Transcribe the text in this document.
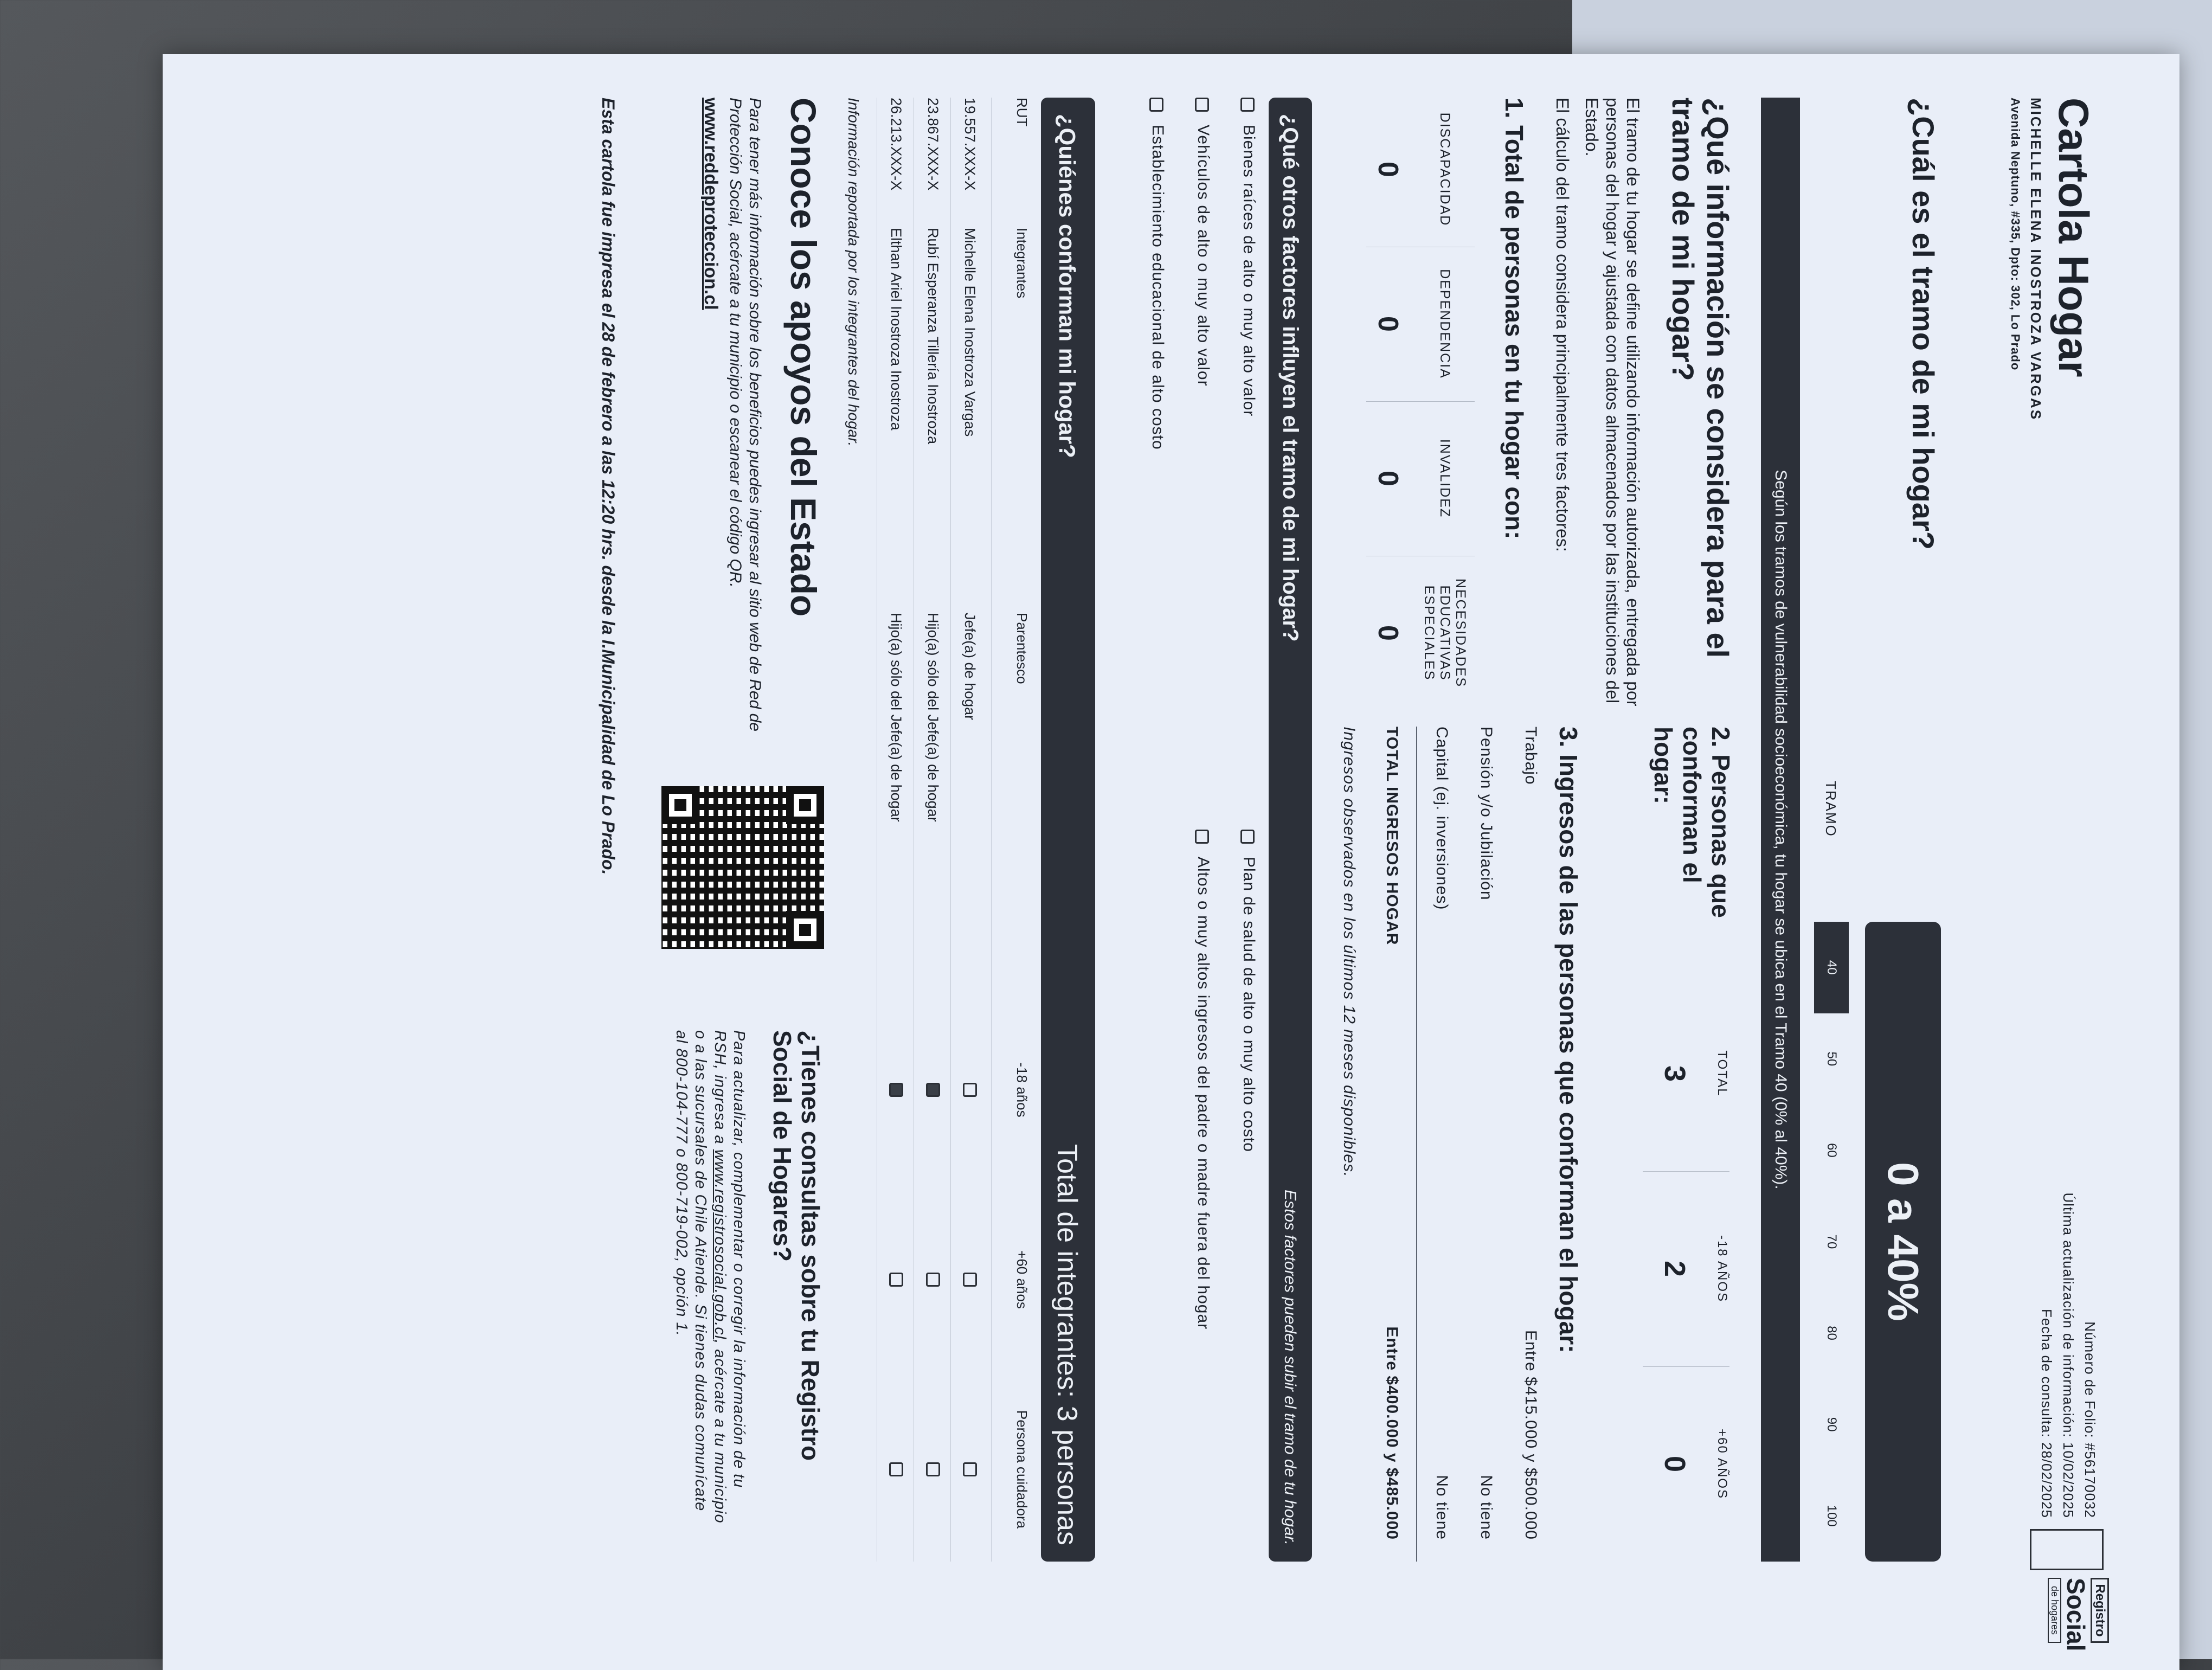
Cartola Hogar
MICHELLE ELENA INOSTROZA VARGAS
Avenida Neptuno, #335, Dpto: 302, Lo Prado
Número de Folio: #56170032
Última actualización de información: 10/02/2025
Fecha de consulta: 28/02/2025
Registro
Social
de hogares
¿Cuál es el tramo de mi hogar?
0 a 40%
TRAMO
40
50
60
70
80
90
100
Según los tramos de vulnerabilidad socioeconómica, tu hogar se ubica en el Tramo 40 (0% al 40%).
¿Qué información se considera para el tramo de mi hogar?
El tramo de tu hogar se define utilizando información autorizada, entregada por personas del hogar y ajustada con datos almacenados por las instituciones del Estado.
El cálculo del tramo considera principalmente tres factores:
1. Total de personas en tu hogar con:
DISCAPACIDAD
0
DEPENDENCIA
0
INVALIDEZ
0
NECESIDADES EDUCATIVAS ESPECIALES
0
2. Personas que conforman el hogar:
TOTAL
3
-18 AÑOS
2
+60 AÑOS
0
3. Ingresos de las personas que conforman el hogar:
Trabajo
Entre $415.000 y $500.000
Pensión y/o Jubilación
No tiene
Capital (ej. inversiones)
No tiene
TOTAL INGRESOS HOGAR
Entre $400.000 y $485.000
Ingresos observados en los últimos 12 meses disponibles.
¿Qué otros factores influyen el tramo de mi hogar?
Estos factores pueden subir el tramo de tu hogar.
Bienes raíces de alto o muy alto valor
Vehículos de alto o muy alto valor
Establecimiento educacional de alto costo
Plan de salud de alto o muy alto costo
Altos o muy altos ingresos del padre o madre fuera del hogar
¿Quiénes conforman mi hogar?
Total de integrantes: 3 personas
RUT
Integrantes
Parentesco
-18 años
+60 años
Persona cuidadora
19.557.XXX-X
Michelle Elena Inostroza Vargas
Jefe(a) de hogar
23.867.XXX-X
Rubí Esperanza Tillería Inostroza
Hijo(a) sólo del Jefe(a) de hogar
26.213.XXX-X
Elthan Ariel Inostroza Inostroza
Hijo(a) sólo del Jefe(a) de hogar
Información reportada por los integrantes del hogar.
Conoce los apoyos del Estado
Para tener más información sobre los beneficios puedes ingresar al sitio web de Red de Protección Social, acércate a tu municipio o escanear el código QR.
www.reddeproteccion.cl
¿Tienes consultas sobre tu Registro Social de Hogares?
Para actualizar, complementar o corregir la información de tu RSH, ingresa a www.registrosocial.gob.cl, acércate a tu municipio o a las sucursales de Chile Atiende. Si tienes dudas comunícate al 800-104-777 o 800-719-002, opción 1.
Esta cartola fue impresa el 28 de febrero a las 12:20 hrs. desde la I.Municipalidad de Lo Prado.
